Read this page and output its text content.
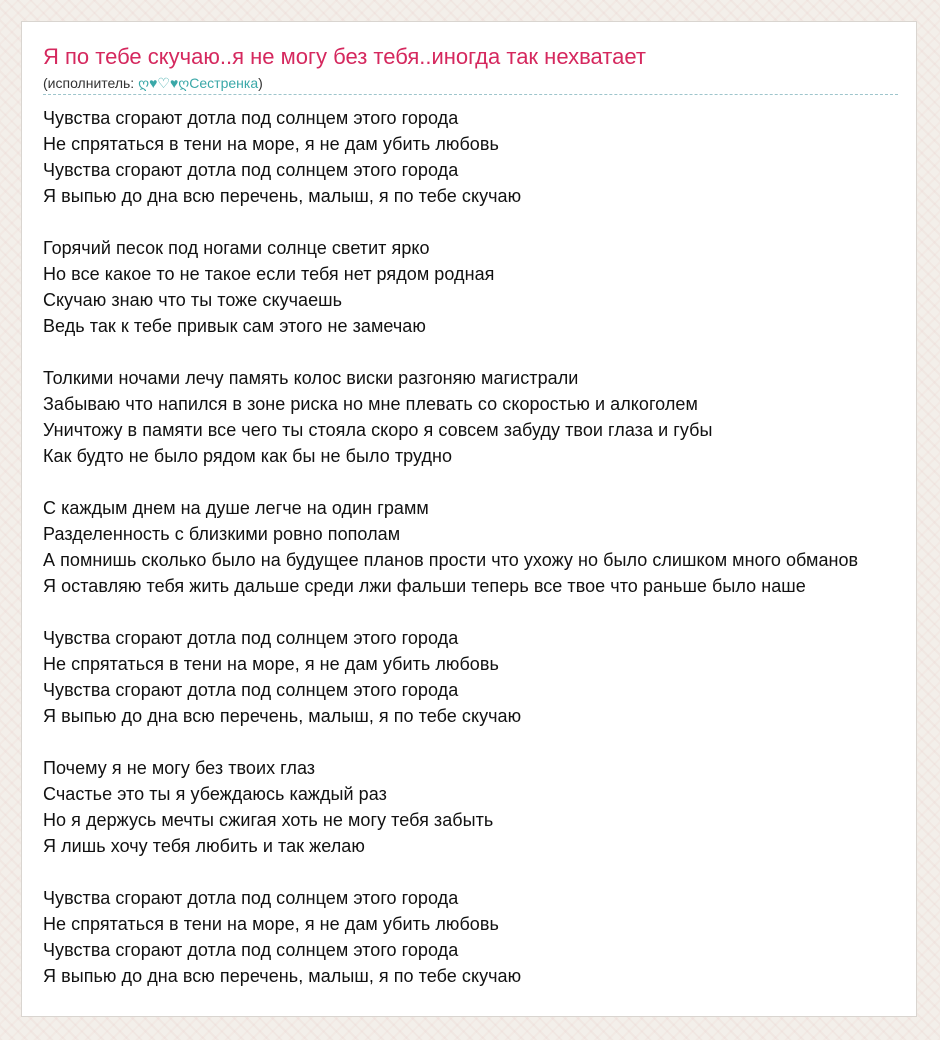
Я по тебе скучаю..я не могу без тебя..иногда так нехватает
(исполнитель: ღ♥♡♥ღСестренка)
Чувства сгорают дотла под солнцем этого города
Не спрятаться в тени на море, я не дам убить любовь
Чувства сгорают дотла под солнцем этого города
Я выпью до дна всю перечень, малыш, я по тебе скучаю
Горячий песок под ногами солнце светит ярко
Но все какое то не такое если тебя нет рядом родная
Скучаю знаю что ты тоже скучаешь
Ведь так к тебе привык сам этого не замечаю
Толкими ночами лечу память колос виски разгоняю магистрали
Забываю что напился в зоне риска но мне плевать со скоростью и алкоголем
Уничтожу в памяти все чего ты стояла скоро я совсем забуду твои глаза и губы
Как будто не было рядом как бы не было трудно
С каждым днем на душе легче на один грамм
Разделенность с близкими ровно пополам
А помнишь сколько было на будущее планов прости что ухожу но было слишком много обманов
Я оставляю тебя жить дальше среди лжи фальши теперь все твое что раньше было наше
Чувства сгорают дотла под солнцем этого города
Не спрятаться в тени на море, я не дам убить любовь
Чувства сгорают дотла под солнцем этого города
Я выпью до дна всю перечень, малыш, я по тебе скучаю
Почему я не могу без твоих глаз
Счастье это ты я убеждаюсь каждый раз
Но я держусь мечты сжигая хоть не могу тебя забыть
Я лишь хочу тебя любить и так желаю
Чувства сгорают дотла под солнцем этого города
Не спрятаться в тени на море, я не дам убить любовь
Чувства сгорают дотла под солнцем этого города
Я выпью до дна всю перечень, малыш, я по тебе скучаю
